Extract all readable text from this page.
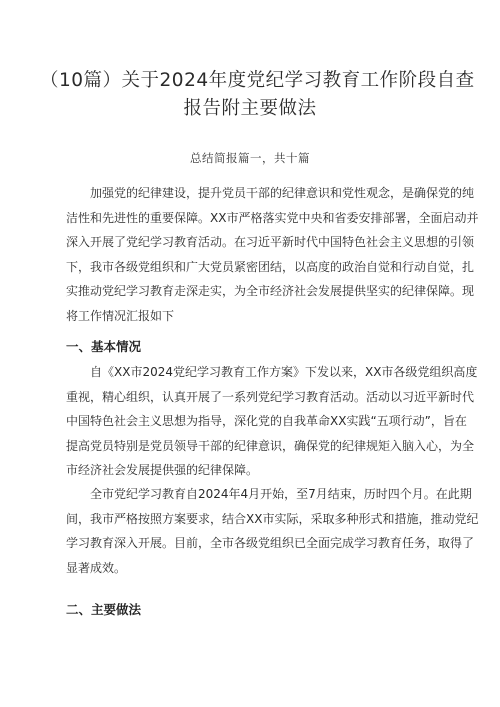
（10篇）关于2024年度党纪学习教育工作阶段自查
报告附主要做法
总结简报篇一，共十篇
加强党的纪律建设，提升党员干部的纪律意识和党性观念，是确保党的纯
洁性和先进性的重要保障。XX市严格落实党中央和省委安排部署，全面启动并
深入开展了党纪学习教育活动。在习近平新时代中国特色社会主义思想的引领
下，我市各级党组织和广大党员紧密团结，以高度的政治自觉和行动自觉，扎
实推动党纪学习教育走深走实，为全市经济社会发展提供坚实的纪律保障。现
将工作情况汇报如下
一、基本情况
自《XX市2024党纪学习教育工作方案》下发以来，XX市各级党组织高度
重视，精心组织，认真开展了一系列党纪学习教育活动。活动以习近平新时代
中国特色社会主义思想为指导，深化党的自我革命XX实践“五项行动”，旨在
提高党员特别是党员领导干部的纪律意识，确保党的纪律规矩入脑入心，为全
市经济社会发展提供强的纪律保障。
全市党纪学习教育自2024年4月开始，至7月结束，历时四个月。在此期
间，我市严格按照方案要求，结合XX市实际，采取多种形式和措施，推动党纪
学习教育深入开展。目前，全市各级党组织已全面完成学习教育任务，取得了
显著成效。
二、主要做法
